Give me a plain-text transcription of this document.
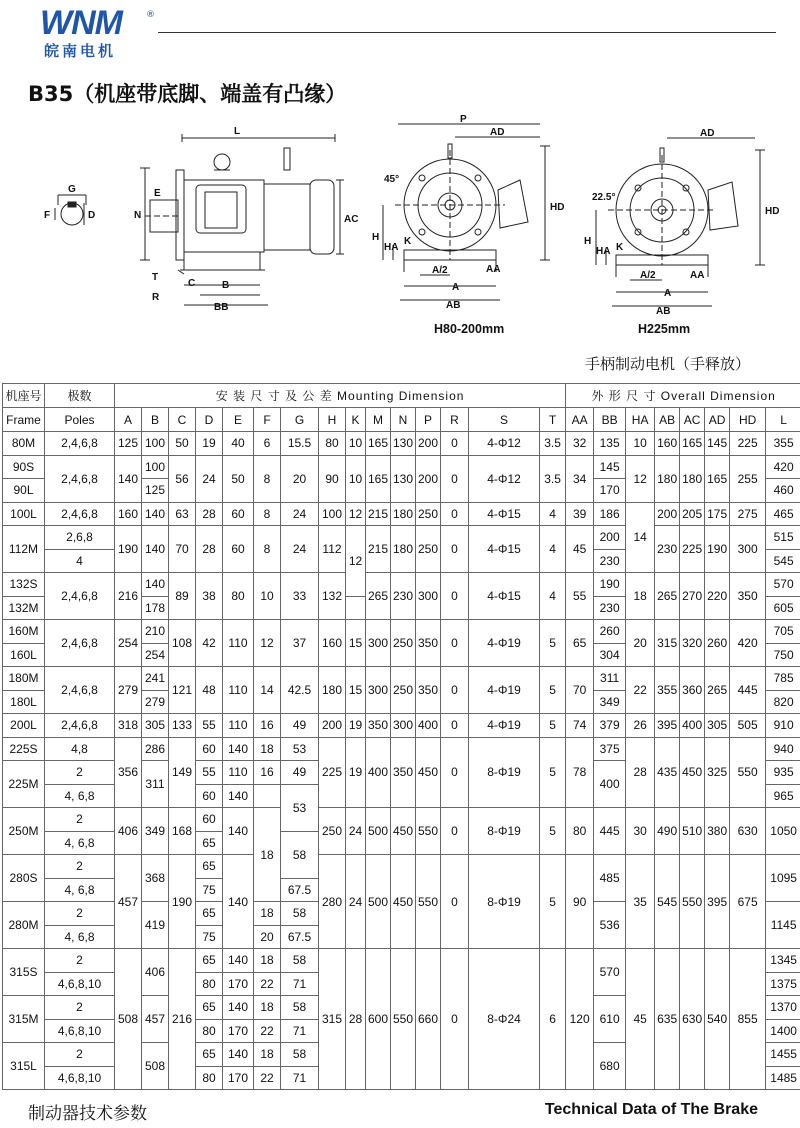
WNM	®
皖南电机
B35（机座带底脚、端盖有凸缘）
L
E
N
G
D
F	AC
T
C	B
R
BB
P
AD
45°
HD
H
HA
K
A/2
A
AA
AB
AD
22.5°
HD
H
HA K
A/2
A
AA
AB
H80-200mm	H225mm
手柄制动电机（手释放）
机座号	极数	安 装 尺 寸 及 公 差 Mounting Dimension															外 形 尺 寸 Overall Dimension							
Frame	Poles	A	B	C	D	E	F	G	H	K	M	N	P	R	S	T	AA	BB	HA	AB	AC	AD	HD	L
80M	2,4,6,8	125	100	50	19	40	6	15.5	80	10	165	130	200	0	4-Φ12	3.5	32	135	10	160	165	145	225	355
90S	2,4,6,8	140	100	56	24	50	8	20	90	10	165	130	200	0	4-Φ12	3.5	34	145	12	180	180	165	255	420
90L			125															170						460
100L	2,4,6,8	160	140	63	28	60	8	24	100	12	215	180	250	0	4-Φ15	4	39	186	14	200	205	175	275	465
112M	2,6,8	190	140	70	28	60	8	24	112	12	215	180	250	0	4-Φ15	4	45	200		230	225	190	300	515
	4																	230						545
132S	2,4,6,8	216	140	89	38	80	10	33	132		265	230	300	0	4-Φ15	4	55	190	18	265	270	220	350	570
132M			178															230						605
160M	2,4,6,8	254	210	108	42	110	12	37	160	15	300	250	350	0	4-Φ19	5	65	260	20	315	320	260	420	705
160L			254															304						750
180M	2,4,6,8	279	241	121	48	110	14	42.5	180	15	300	250	350	0	4-Φ19	5	70	311	22	355	360	265	445	785
180L			279															349						820
200L	2,4,6,8	318	305	133	55	110	16	49	200	19	350	300	400	0	4-Φ19	5	74	379	26	395	400	305	505	910
225S	4,8	356	286	149	60	140	18	53	225	19	400	350	450	0	8-Φ19	5	78	375	28	435	450	325	550	940
225M	2		311		55	110	16	49										400						935
	4, 6,8				60	140		53																965
250M	2	406	349	168	60	140	18		250	24	500	450	550	0	8-Φ19	5	80	445	30	490	510	380	630	1050
	4, 6,8				65			58																
280S	2	457	368	190	65	140			280	24	500	450	550	0	8-Φ19	5	90	485	35	545	550	395	675	1095
	4, 6,8				75			67.5																
280M	2		419		65		18	58										536						1145
	4, 6,8				75		20	67.5																
315S	2	508	406	216	65	140	18	58	315	28	600	550	660	0	8-Φ24	6	120	570	45	635	630	540	855	1345
	4,6,8,10				80	170	22	71																1375
315M	2		457		65	140	18	58										610						1370
	4,6,8,10				80	170	22	71																1400
315L	2		508		65	140	18	58										680						1455
	4,6,8,10				80	170	22	71																1485
制动器技术参数	Technical Data of The Brake
